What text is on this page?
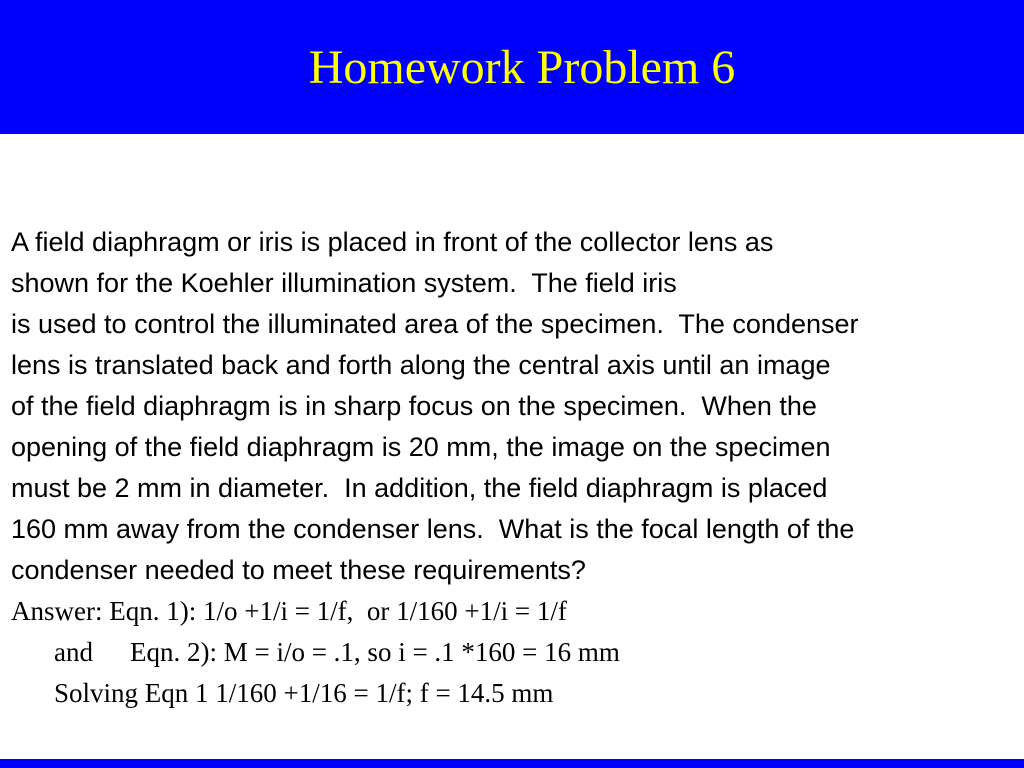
Homework Problem 6
A field diaphragm or iris is placed in front of the collector lens as
shown for the Koehler illumination system.  The field iris
is used to control the illuminated area of the specimen.  The condenser
lens is translated back and forth along the central axis until an image
of the field diaphragm is in sharp focus on the specimen.  When the
opening of the field diaphragm is 20 mm, the image on the specimen
must be 2 mm in diameter.  In addition, the field diaphragm is placed
160 mm away from the condenser lens.  What is the focal length of the
condenser needed to meet these requirements?
Answer: Eqn. 1): 1/o +1/i = 1/f,  or 1/160 +1/i = 1/f
and Eqn. 2): M = i/o = .1, so i = .1 *160 = 16 mm
Solving Eqn 1 1/160 +1/16 = 1/f; f = 14.5 mm
